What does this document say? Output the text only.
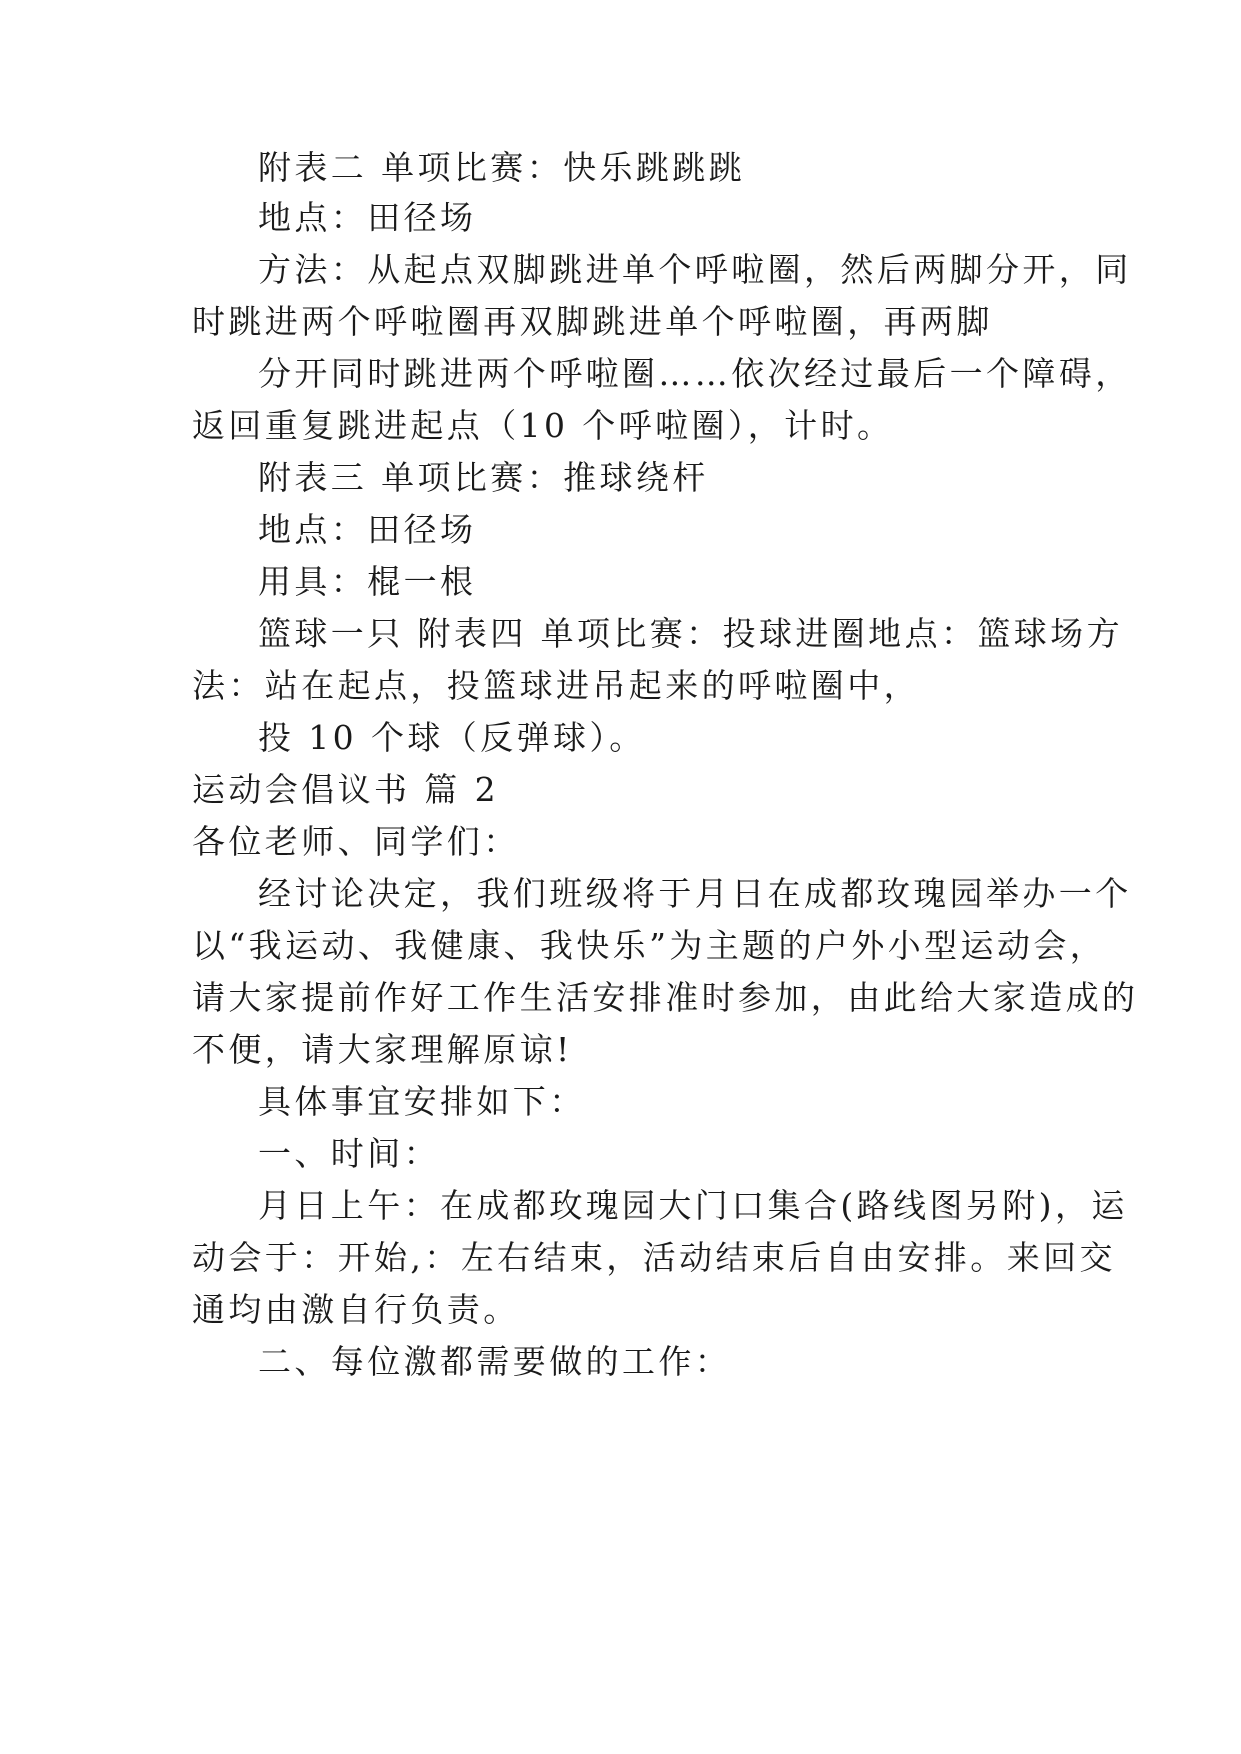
附表二 单项比赛：快乐跳跳跳
地点：田径场
方法：从起点双脚跳进单个呼啦圈，然后两脚分开，同
时跳进两个呼啦圈再双脚跳进单个呼啦圈，再两脚
分开同时跳进两个呼啦圈……依次经过最后一个障碍，
返回重复跳进起点（10 个呼啦圈），计时。
附表三 单项比赛：推球绕杆
地点：田径场
用具：棍一根
篮球一只 附表四 单项比赛：投球进圈地点：篮球场方
法：站在起点，投篮球进吊起来的呼啦圈中，
投 10 个球（反弹球）。
运动会倡议书 篇 2
各位老师、同学们：
经讨论决定，我们班级将于月日在成都玫瑰园举办一个
以“我运动、我健康、我快乐”为主题的户外小型运动会，
请大家提前作好工作生活安排准时参加，由此给大家造成的
不便，请大家理解原谅!
具体事宜安排如下：
一、时间：
月日上午：在成都玫瑰园大门口集合(路线图另附)，运
动会于：开始,：左右结束，活动结束后自由安排。来回交
通均由激自行负责。
二、每位激都需要做的工作：
